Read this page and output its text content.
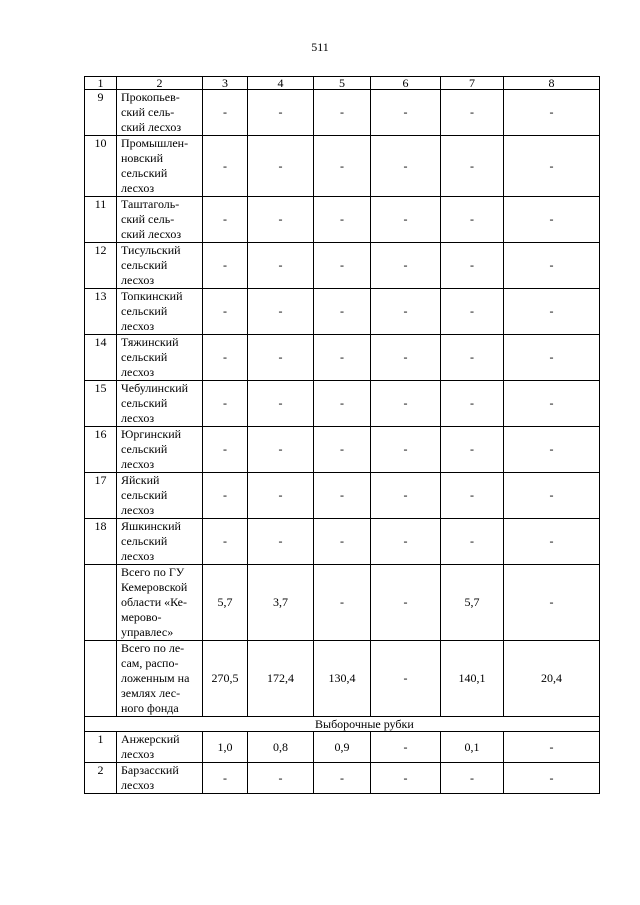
511
1	2	3	4	5	6	7	8
9	Прокопьев-
ский сель-
ский лесхоз	-	-	-	-	-	-
10	Промышлен-
новский
сельский
лесхоз	-	-	-	-	-	-
11	Таштаголь-
ский сель-
ский лесхоз	-	-	-	-	-	-
12	Тисульский
сельский
лесхоз	-	-	-	-	-	-
13	Топкинский
сельский
лесхоз	-	-	-	-	-	-
14	Тяжинский
сельский
лесхоз	-	-	-	-	-	-
15	Чебулинский
сельский
лесхоз	-	-	-	-	-	-
16	Юргинский
сельский
лесхоз	-	-	-	-	-	-
17	Яйский
сельский
лесхоз	-	-	-	-	-	-
18	Яшкинский
сельский
лесхоз	-	-	-	-	-	-
	Всего по ГУ
Кемеровской
области «Ке-
мерово-
управлес»	5,7	3,7	-	-	5,7	-
	Всего по ле-
сам, распо-
ложенным на
землях лес-
ного фонда	270,5	172,4	130,4	-	140,1	20,4
Выборочные рубки							
1	Анжерский
лесхоз	1,0	0,8	0,9	-	0,1	-
2	Барзасский
лесхоз	-	-	-	-	-	-
